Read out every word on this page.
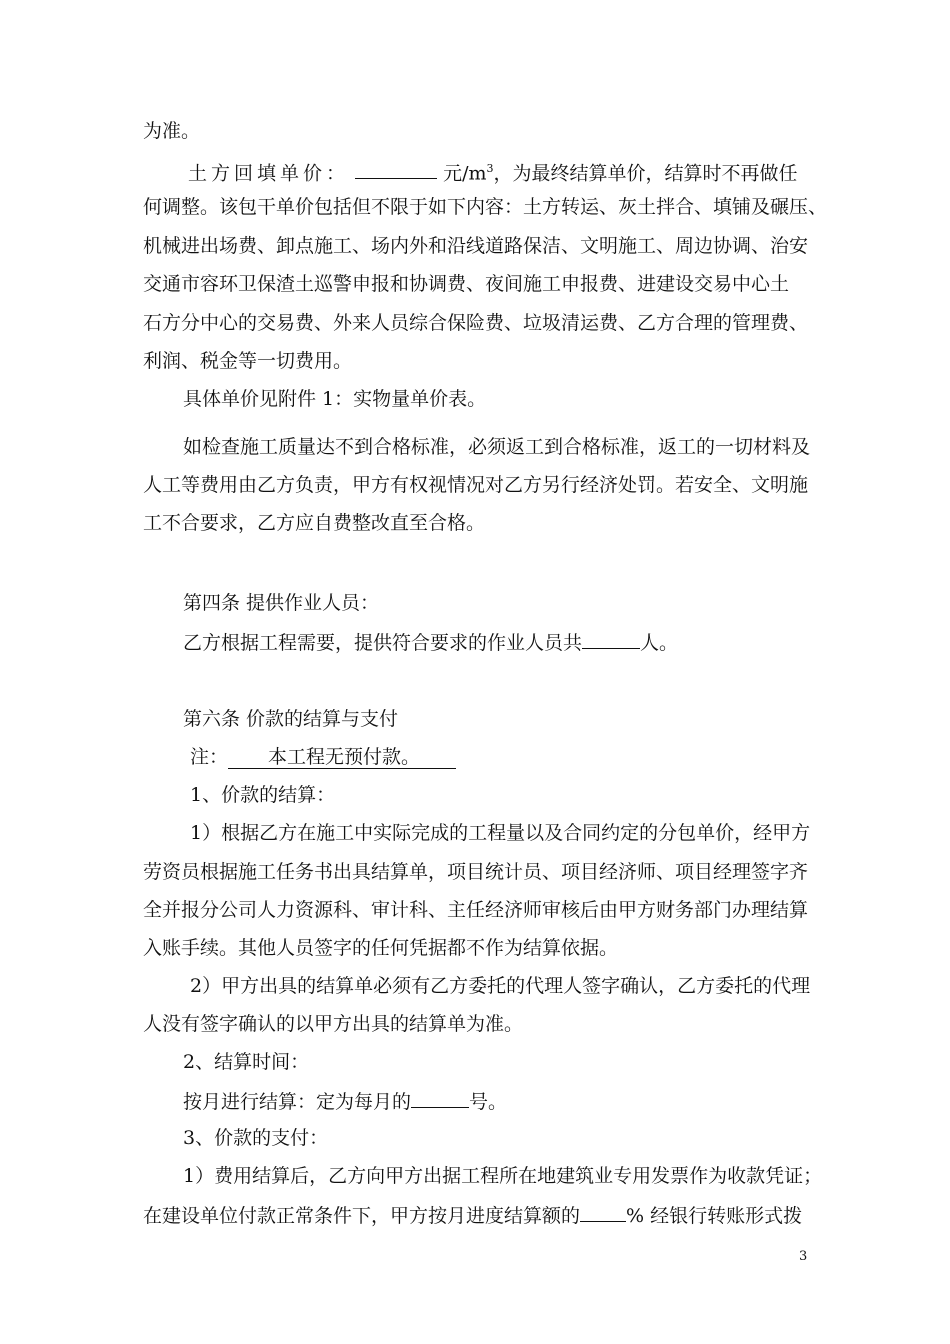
为准。
土方回填单价：	元$/m^3$，为最终结算单价，结算时不再做任
何调整。该包干单价包括但不限于如下内容：土方转运、灰土拌合、填铺及碾压、
机械进出场费、卸点施工、场内外和沿线道路保洁、文明施工、周边协调、治安
交通市容环卫保渣土巡警申报和协调费、夜间施工申报费、进建设交易中心土
石方分中心的交易费、外来人员综合保险费、垃圾清运费、乙方合理的管理费、
利润、税金等一切费用。
具体单价见附件 1：实物量单价表。
如检查施工质量达不到合格标准，必须返工到合格标准，返工的一切材料及
人工等费用由乙方负责，甲方有权视情况对乙方另行经济处罚。若安全、文明施
工不合要求，乙方应自费整改直至合格。
第四条 提供作业人员：
乙方根据工程需要，提供符合要求的作业人员共	人。
第六条 价款的结算与支付
注： 本工程无预付款。
1、价款的结算：
1）根据乙方在施工中实际完成的工程量以及合同约定的分包单价，经甲方
劳资员根据施工任务书出具结算单，项目统计员、项目经济师、项目经理签字齐
全并报分公司人力资源科、审计科、主任经济师审核后由甲方财务部门办理结算
入账手续。其他人员签字的任何凭据都不作为结算依据。
2）甲方出具的结算单必须有乙方委托的代理人签字确认，乙方委托的代理
人没有签字确认的以甲方出具的结算单为准。
2、结算时间：
按月进行结算：定为每月的	号。
3、价款的支付：
1）费用结算后，乙方向甲方出据工程所在地建筑业专用发票作为收款凭证；
在建设单位付款正常条件下，甲方按月进度结算额的 % 经银行转账形式拨
3
